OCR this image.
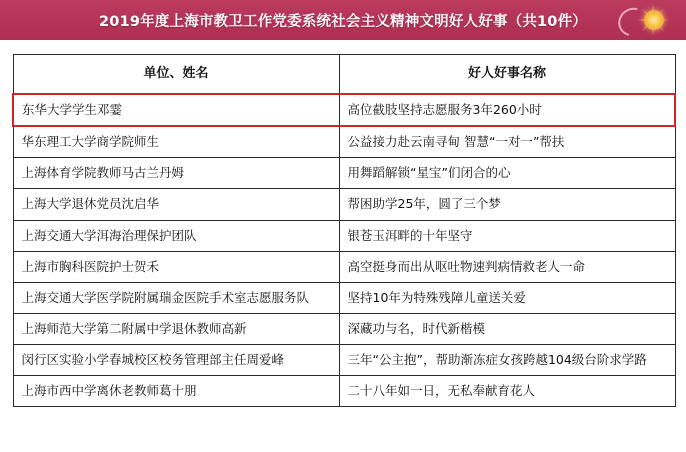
2019年度上海市教卫工作党委系统社会主义精神文明好人好事（共10件）
单位、姓名	好人好事名称
东华大学学生邓霎	高位截肢坚持志愿服务3年260小时
华东理工大学商学院师生	公益接力赴云南寻甸 智慧“一对一”帮扶
上海体育学院教师马古兰丹姆	用舞蹈解锁“星宝”们闭合的心
上海大学退休党员沈启华	帮困助学25年，圆了三个梦
上海交通大学洱海治理保护团队	银苍玉洱畔的十年坚守
上海市胸科医院护士贺禾	高空挺身而出从呕吐物速判病情救老人一命
上海交通大学医学院附属瑞金医院手术室志愿服务队	坚持10年为特殊残障儿童送关爱
上海师范大学第二附属中学退休教师高新	深藏功与名，时代新楷模
闵行区实验小学春城校区校务管理部主任周爱峰	三年“公主抱”，帮助渐冻症女孩跨越104级台阶求学路
上海市西中学离休老教师葛十朋	二十八年如一日，无私奉献育花人
